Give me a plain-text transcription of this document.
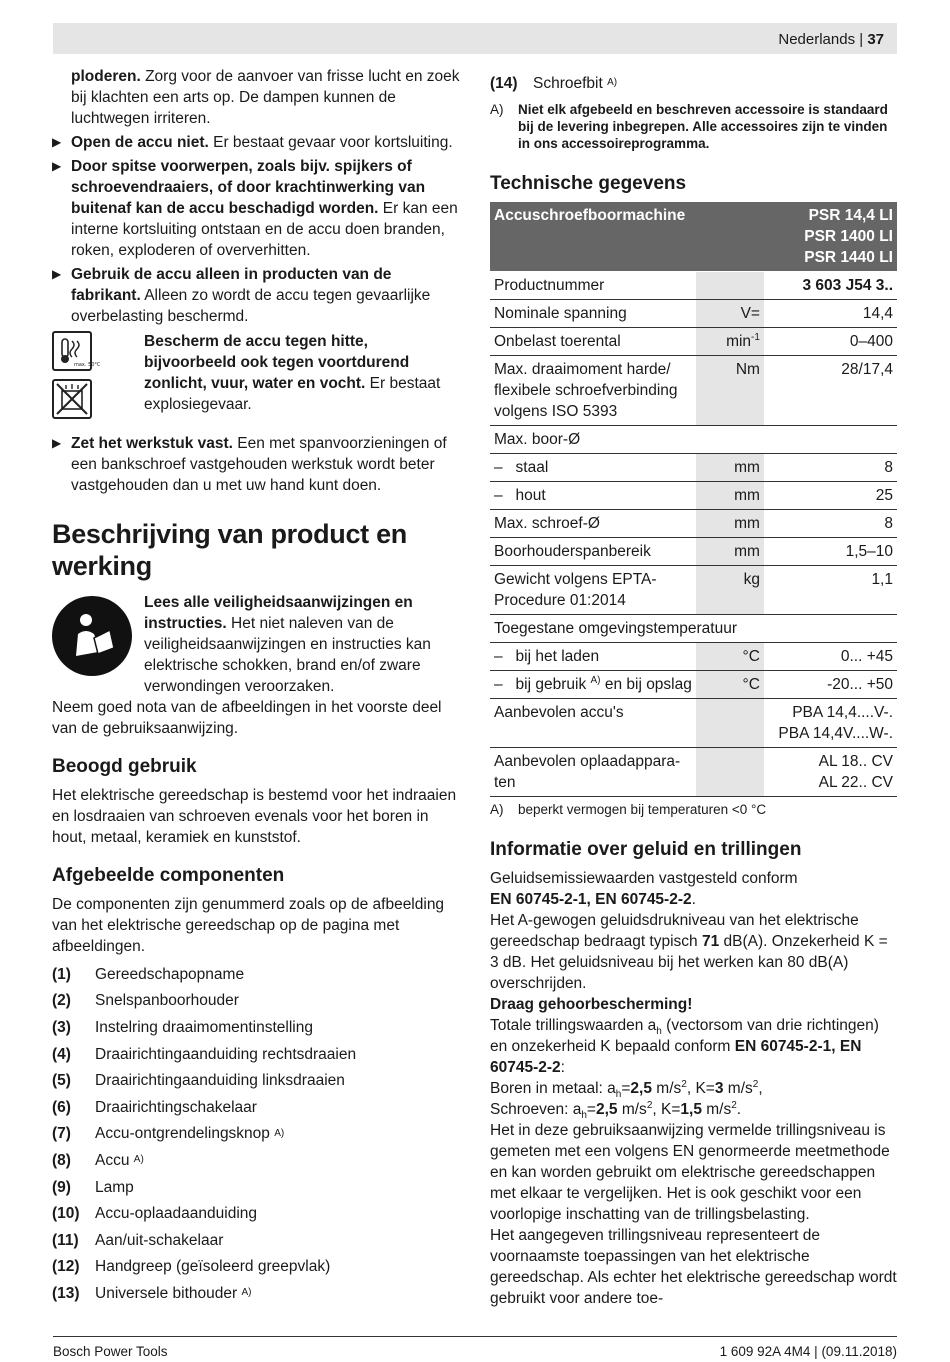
Nederlands | 37

ploderen. Zorg voor de aanvoer van frisse lucht en zoek bij klachten een arts op. De dampen kunnen de luchtwegen irriteren.

▶ Open de accu niet. Er bestaat gevaar voor kortsluiting.

▶ Door spitse voorwerpen, zoals bijv. spijkers of schroevendraaiers, of door krachtinwerking van buitenaf kan de accu beschadigd worden. Er kan een interne kortsluiting ontstaan en de accu doen branden, roken, exploderen of oververhitten.

▶ Gebruik de accu alleen in producten van de fabrikant. Alleen zo wordt de accu tegen gevaarlijke overbelasting beschermd.

max. 50°C

Bescherm de accu tegen hitte, bijvoorbeeld ook tegen voortdurend zonlicht, vuur, water en vocht. Er bestaat explosiegevaar.

▶ Zet het werkstuk vast. Een met spanvoorzieningen of een bankschroef vastgehouden werkstuk wordt beter vastgehouden dan u met uw hand kunt doen.

Beschrijving van product en werking

Lees alle veiligheidsaanwijzingen en instructies. Het niet naleven van de veiligheidsaanwijzingen en instructies kan elektrische schokken, brand en/of zware verwondingen veroorzaken.

Neem goed nota van de afbeeldingen in het voorste deel van de gebruiksaanwijzing.

Beoogd gebruik

Het elektrische gereedschap is bestemd voor het indraaien en losdraaien van schroeven evenals voor het boren in hout, metaal, keramiek en kunststof.

Afgebeelde componenten

De componenten zijn genummerd zoals op de afbeelding van het elektrische gereedschap op de pagina met afbeeldingen.

(1)	Gereedschapopname
(2)	Snelspanboorhouder
(3)	Instelring draaimomentinstelling
(4)	Draairichtingaanduiding rechtsdraaien
(5)	Draairichtingaanduiding linksdraaien
(6)	Draairichtingschakelaar
(7)	Accu-ontgrendelingsknop
A)
(8)	Accu
A)
(9)	Lamp
(10) Accu-oplaadaanduiding
(11)	Aan/uit-schakelaar
(12) Handgreep (geïsoleerd greepvlak)
(13) Universele bithouder
A)
(14) Schroefbit
A)
A)	Niet elk afgebeeld en beschreven accessoire is standaard bij de levering inbegrepen. Alle accessoires zijn te vinden in ons accessoireprogramma.
Technische gegevens
Accuschroefboormachine		PSR 14,4 LI
PSR 1400 LI
PSR 1440 LI
Productnummer		3 603 J54 3..
Nominale spanning	V=	14,4
Onbelast toerental	$\min^{-1}$	0–400
Max. draaimoment harde/ flexibele schroefverbinding volgens ISO 5393	Nm	28/17,4
Max. boor-Ø		
–   staal	mm	8
–   hout	mm	25
Max. schroef-Ø	mm	8
Boorhouderspanbereik	mm	1,5–10
Gewicht volgens EPTA-Procedure 01:2014	kg	1,1
Toegestane omgevingstemperatuur		
–   bij het laden	°C	0... +45
–   bij gebruik $^{A)}$ en bij opslag	°C	-20... +50
Aanbevolen accu's		PBA 14,4....V-.
PBA 14,4V....W-.
Aanbevolen oplaadappara-ten		AL 18.. CV
AL 22.. CV
A)	beperkt vermogen bij temperaturen <0 °C
Informatie over geluid en trillingen

Geluidsemissiewaarden vastgesteld conform
EN 60745-2-1, EN 60745-2-2.

Het A-gewogen geluidsdrukniveau van het elektrische gereedschap bedraagt typisch 71 dB(A). Onzekerheid K = 3 dB. Het geluidsniveau bij het werken kan 80 dB(A) overschrijden.

Draag gehoorbescherming!

Totale trillingswaarden $a_h$ (vectorsom van drie richtingen) en onzekerheid K bepaald conform EN 60745-2-1, EN 60745-2-2:

Boren in metaal: $a_h=2,5$ $m/s^2$, K=3 $m/s^2$,

Schroeven: $a_h=2,5$ $m/s^2$, K=1,5 $m/s^2$.

Het in deze gebruiksaanwijzing vermelde trillingsniveau is gemeten met een volgens EN genormeerde meetmethode en kan worden gebruikt om elektrische gereedschappen met elkaar te vergelijken. Het is ook geschikt voor een voorlopige inschatting van de trillingsbelasting.

Het aangegeven trillingsniveau representeert de voornaamste toepassingen van het elektrische gereedschap. Als echter het elektrische gereedschap wordt gebruikt voor andere toe-

Bosch Power Tools	1 609 92A 4M4 | (09.11.2018)
